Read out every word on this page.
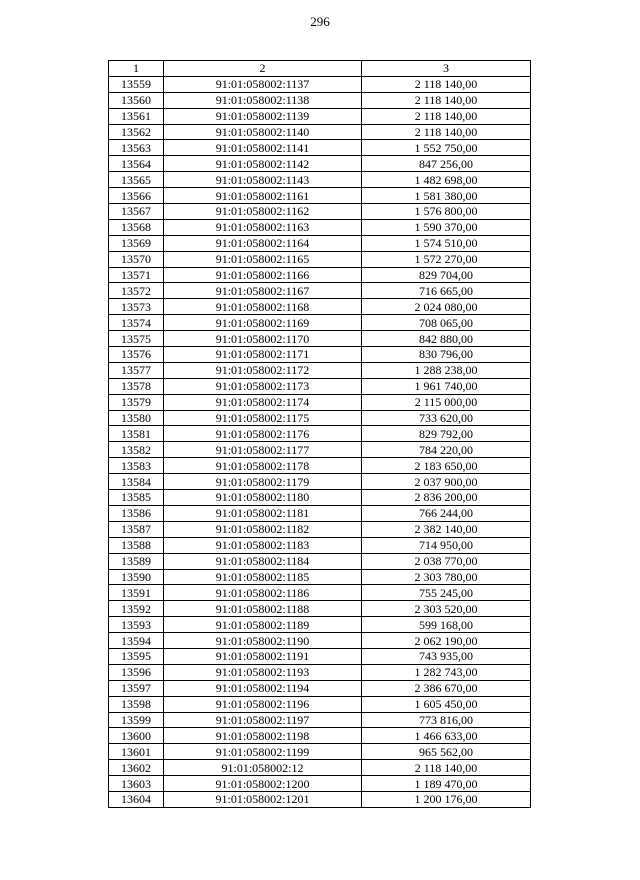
296
1	2	3
13559	91:01:058002:1137	2 118 140,00
13560	91:01:058002:1138	2 118 140,00
13561	91:01:058002:1139	2 118 140,00
13562	91:01:058002:1140	2 118 140,00
13563	91:01:058002:1141	1 552 750,00
13564	91:01:058002:1142	847 256,00
13565	91:01:058002:1143	1 482 698,00
13566	91:01:058002:1161	1 581 380,00
13567	91:01:058002:1162	1 576 800,00
13568	91:01:058002:1163	1 590 370,00
13569	91:01:058002:1164	1 574 510,00
13570	91:01:058002:1165	1 572 270,00
13571	91:01:058002:1166	829 704,00
13572	91:01:058002:1167	716 665,00
13573	91:01:058002:1168	2 024 080,00
13574	91:01:058002:1169	708 065,00
13575	91:01:058002:1170	842 880,00
13576	91:01:058002:1171	830 796,00
13577	91:01:058002:1172	1 288 238,00
13578	91:01:058002:1173	1 961 740,00
13579	91:01:058002:1174	2 115 000,00
13580	91:01:058002:1175	733 620,00
13581	91:01:058002:1176	829 792,00
13582	91:01:058002:1177	784 220,00
13583	91:01:058002:1178	2 183 650,00
13584	91:01:058002:1179	2 037 900,00
13585	91:01:058002:1180	2 836 200,00
13586	91:01:058002:1181	766 244,00
13587	91:01:058002:1182	2 382 140,00
13588	91:01:058002:1183	714 950,00
13589	91:01:058002:1184	2 038 770,00
13590	91:01:058002:1185	2 303 780,00
13591	91:01:058002:1186	755 245,00
13592	91:01:058002:1188	2 303 520,00
13593	91:01:058002:1189	599 168,00
13594	91:01:058002:1190	2 062 190,00
13595	91:01:058002:1191	743 935,00
13596	91:01:058002:1193	1 282 743,00
13597	91:01:058002:1194	2 386 670,00
13598	91:01:058002:1196	1 605 450,00
13599	91:01:058002:1197	773 816,00
13600	91:01:058002:1198	1 466 633,00
13601	91:01:058002:1199	965 562,00
13602	91:01:058002:12	2 118 140,00
13603	91:01:058002:1200	1 189 470,00
13604	91:01:058002:1201	1 200 176,00
